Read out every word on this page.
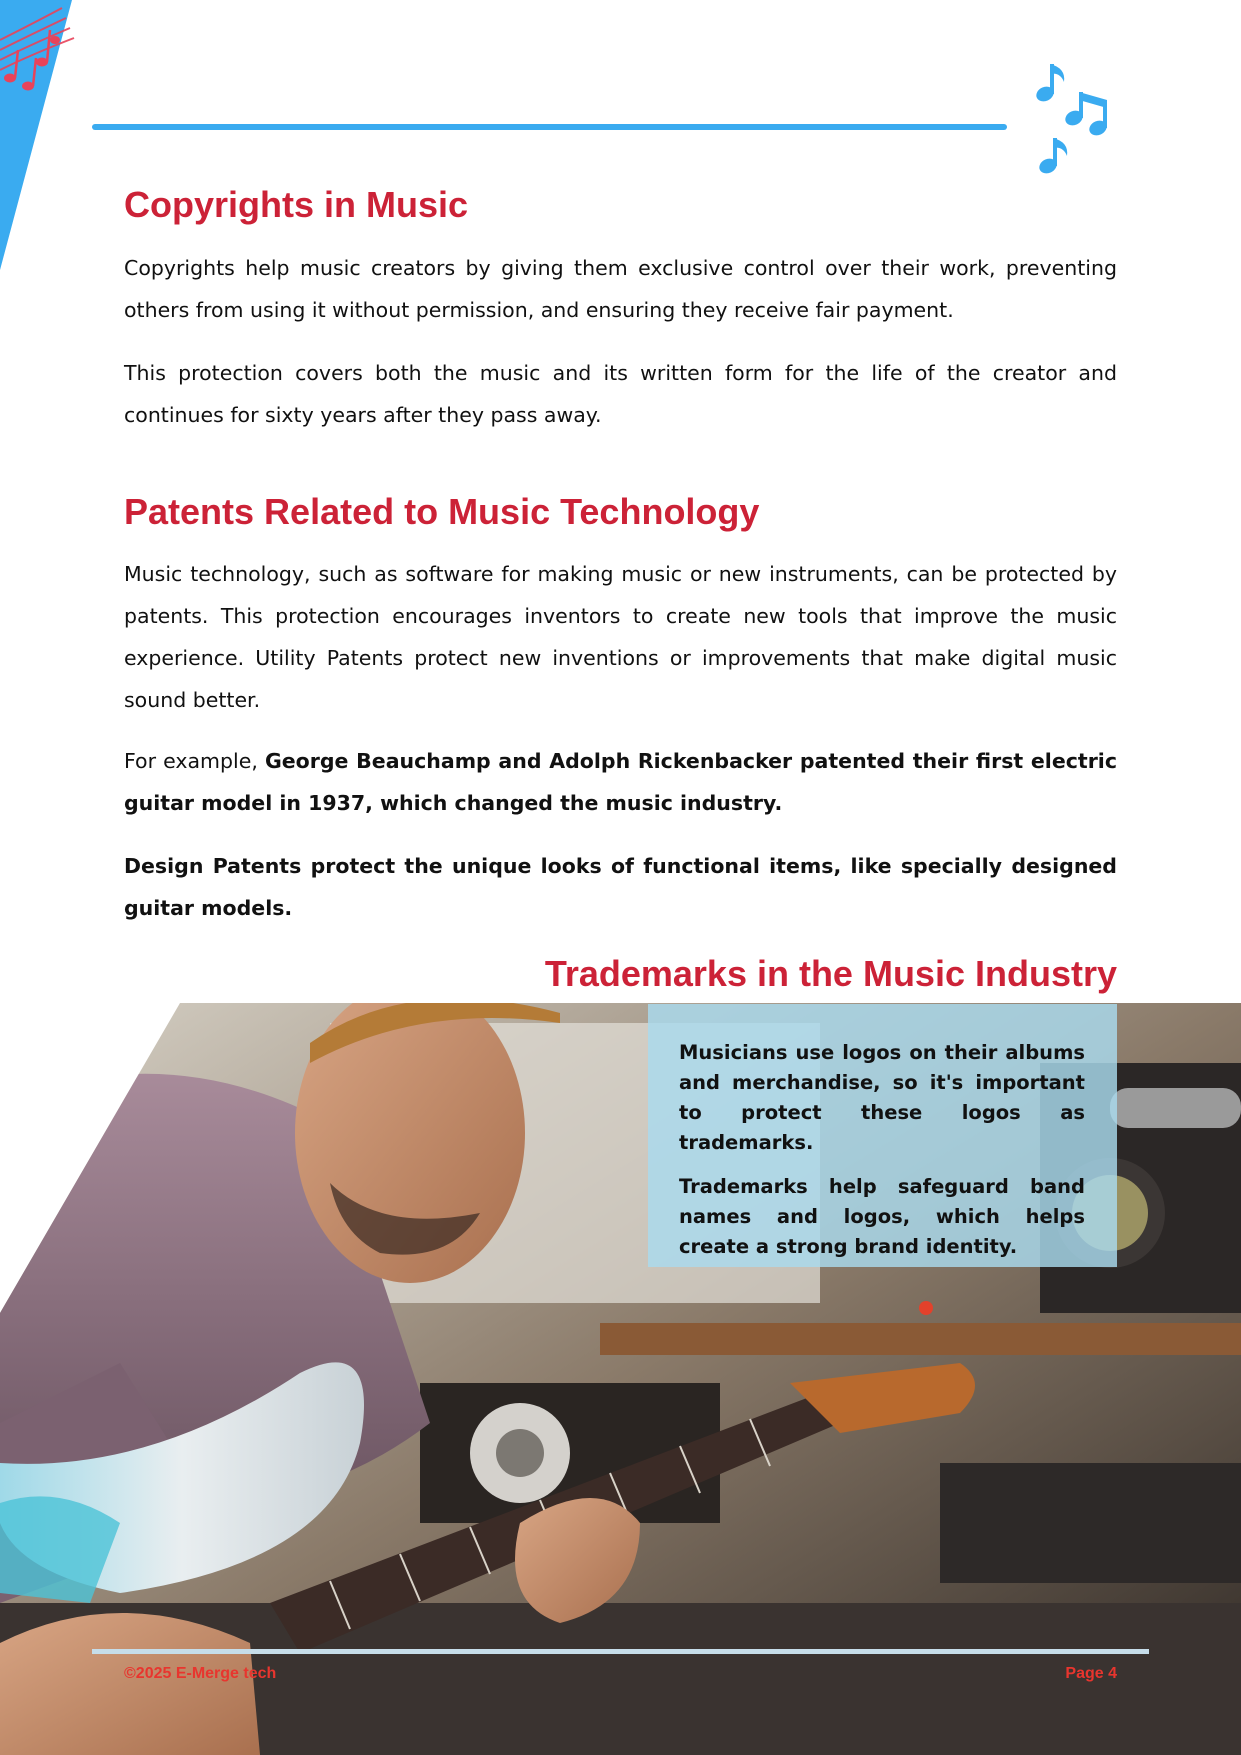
Copyrights in Music

Copyrights help music creators by giving them exclusive control over their work, preventing others from using it without permission, and ensuring they receive fair payment.

This protection covers both the music and its written form for the life of the creator and continues for sixty years after they pass away.

Patents Related to Music Technology

Music technology, such as software for making music or new instruments, can be protected by patents. This protection encourages inventors to create new tools that improve the music experience. Utility Patents protect new inventions or improvements that make digital music sound better.

For example, George Beauchamp and Adolph Rickenbacker patented their first electric guitar model in 1937, which changed the music industry.

Design Patents protect the unique looks of functional items, like specially designed guitar models.

Trademarks in the Music Industry

Musicians use logos on their albums and merchandise, so it's important to protect these logos as trademarks.

Trademarks help safeguard band names and logos, which helps create a strong brand identity.

©2025 E-Merge tech	Page 4
